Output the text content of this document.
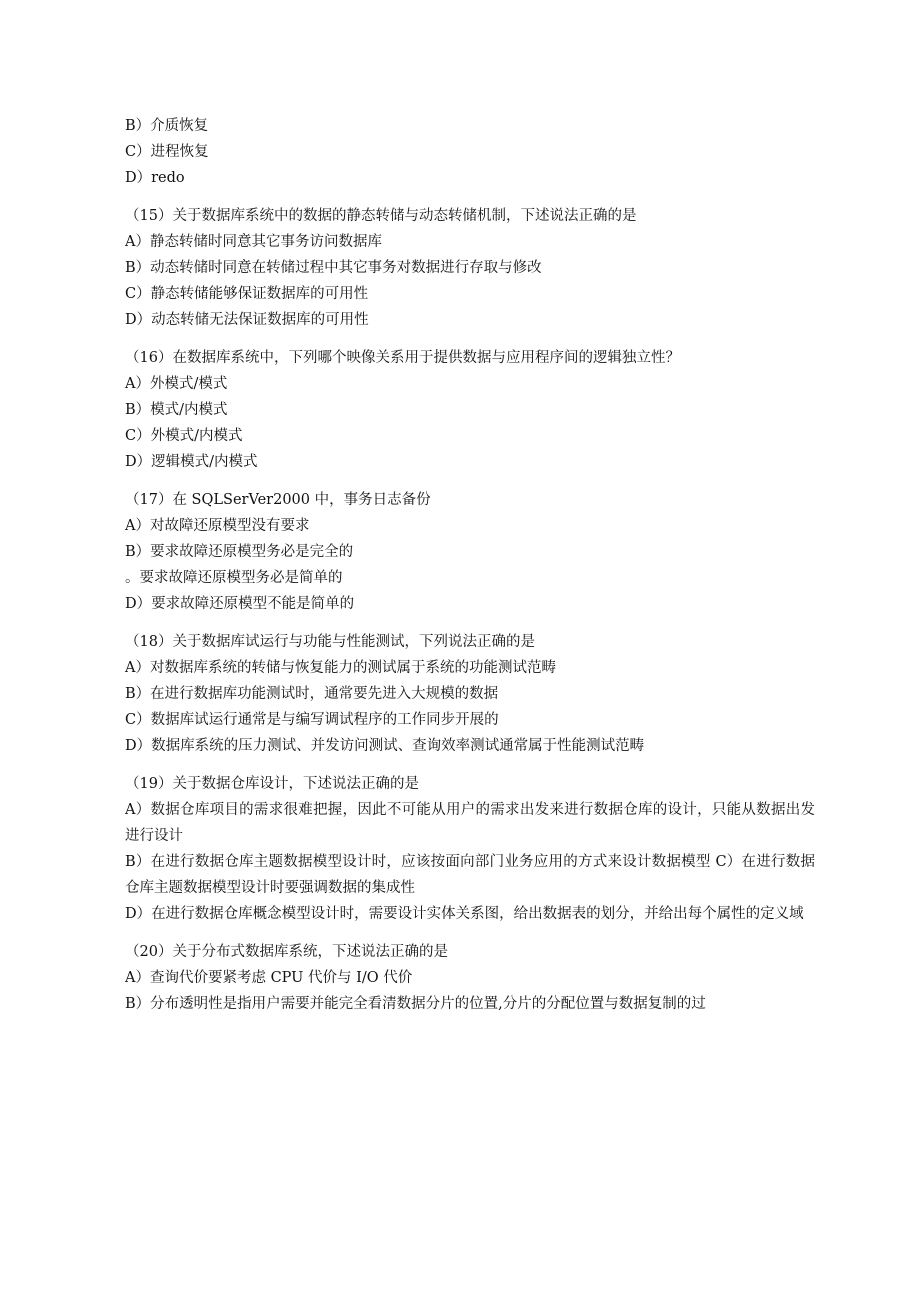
B）介质恢复
C）进程恢复
D）redo
（15）关于数据库系统中的数据的静态转储与动态转储机制，下述说法正确的是
A）静态转储时同意其它事务访问数据库
B）动态转储时同意在转储过程中其它事务对数据进行存取与修改
C）静态转储能够保证数据库的可用性
D）动态转储无法保证数据库的可用性
（16）在数据库系统中，下列哪个映像关系用于提供数据与应用程序间的逻辑独立性？
A）外模式/模式
B）模式/内模式
C）外模式/内模式
D）逻辑模式/内模式
（17）在 SQLSerVer2000 中，事务日志备份
A）对故障还原模型没有要求
B）要求故障还原模型务必是完全的
。要求故障还原模型务必是简单的
D）要求故障还原模型不能是简单的
（18）关于数据库试运行与功能与性能测试，下列说法正确的是
A）对数据库系统的转储与恢复能力的测试属于系统的功能测试范畴
B）在进行数据库功能测试时，通常要先进入大规模的数据
C）数据库试运行通常是与编写调试程序的工作同步开展的
D）数据库系统的压力测试、并发访问测试、查询效率测试通常属于性能测试范畴
（19）关于数据仓库设计，下述说法正确的是
A）数据仓库项目的需求很难把握，因此不可能从用户的需求出发来进行数据仓库的设计，只能从数据出发进行设计
B）在进行数据仓库主题数据模型设计时，应该按面向部门业务应用的方式来设计数据模型 C）在进行数据仓库主题数据模型设计时要强调数据的集成性
D）在进行数据仓库概念模型设计时，需要设计实体关系图，给出数据表的划分，并给出每个属性的定义域
（20）关于分布式数据库系统，下述说法正确的是
A）查询代价要紧考虑 CPU 代价与 I/O 代价
B）分布透明性是指用户需要并能完全看清数据分片的位置,分片的分配位置与数据复制的过
